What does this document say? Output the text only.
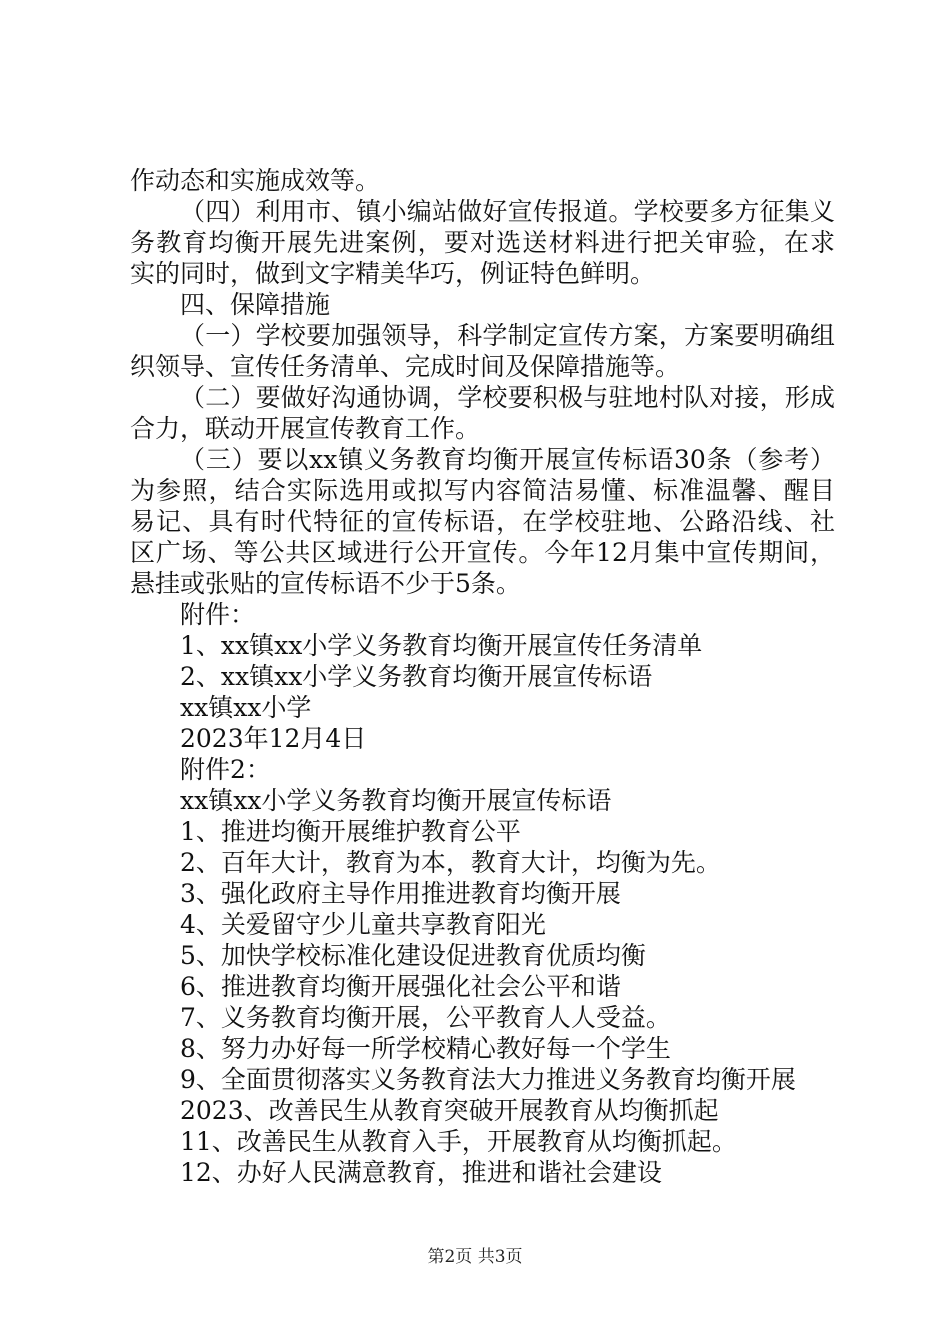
作动态和实施成效等。
（四）利用市、镇小编站做好宣传报道。学校要多方征集义
务教育均衡开展先进案例，要对选送材料进行把关审验，在求
实的同时，做到文字精美华巧，例证特色鲜明。
四、保障措施
（一）学校要加强领导，科学制定宣传方案，方案要明确组
织领导、宣传任务清单、完成时间及保障措施等。
（二）要做好沟通协调，学校要积极与驻地村队对接，形成
合力，联动开展宣传教育工作。
（三）要以xx镇义务教育均衡开展宣传标语30条（参考）
为参照，结合实际选用或拟写内容简洁易懂、标准温馨、醒目
易记、具有时代特征的宣传标语，在学校驻地、公路沿线、社
区广场、等公共区域进行公开宣传。今年12月集中宣传期间，
悬挂或张贴的宣传标语不少于5条。
附件：
1、xx镇xx小学义务教育均衡开展宣传任务清单
2、xx镇xx小学义务教育均衡开展宣传标语
xx镇xx小学
2023年12月4日
附件2：
xx镇xx小学义务教育均衡开展宣传标语
1、推进均衡开展维护教育公平
2、百年大计，教育为本，教育大计，均衡为先。
3、强化政府主导作用推进教育均衡开展
4、关爱留守少儿童共享教育阳光
5、加快学校标准化建设促进教育优质均衡
6、推进教育均衡开展强化社会公平和谐
7、义务教育均衡开展，公平教育人人受益。
8、努力办好每一所学校精心教好每一个学生
9、全面贯彻落实义务教育法大力推进义务教育均衡开展
2023、改善民生从教育突破开展教育从均衡抓起
11、改善民生从教育入手，开展教育从均衡抓起。
12、办好人民满意教育，推进和谐社会建设
第2页 共3页
